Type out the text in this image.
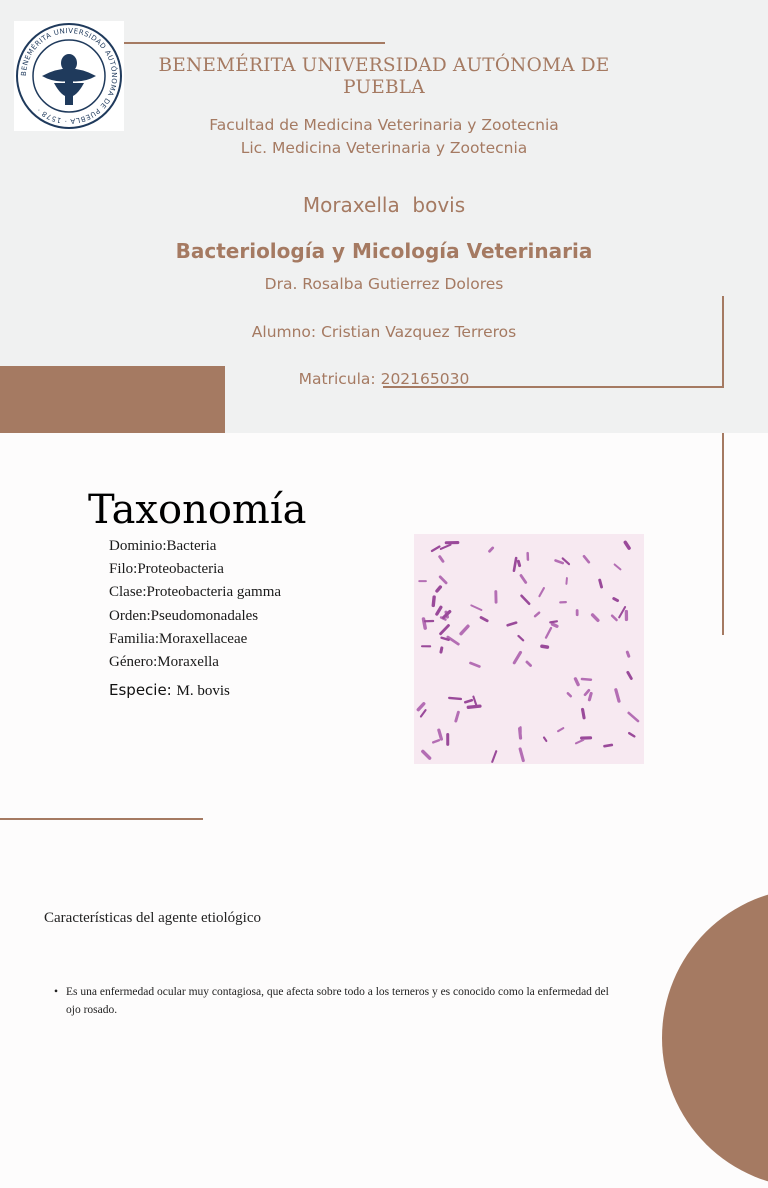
BENEMÉRITA UNIVERSIDAD AUTÓNOMA DE PUEBLA · 1578 ·
BENEMÉRITA UNIVERSIDAD AUTÓNOMA DE PUEBLA
Facultad de Medicina Veterinaria y Zootecnia
Lic. Medicina Veterinaria y Zootecnia
Moraxella  bovis
Bacteriología y Micología Veterinaria
Dra. Rosalba Gutierrez Dolores
Alumno: Cristian Vazquez Terreros
Matricula: 202165030
Taxonomía
Dominio:Bacteria
Filo:Proteobacteria
Clase:Proteobacteria gamma
Orden:Pseudomonadales
Familia:Moraxellaceae
Género:Moraxella
Especie: M. bovis
Características del agente etiológico
• Es una enfermedad ocular muy contagiosa, que afecta sobre todo a los terneros y es conocido como la enfermedad del ojo rosado.
